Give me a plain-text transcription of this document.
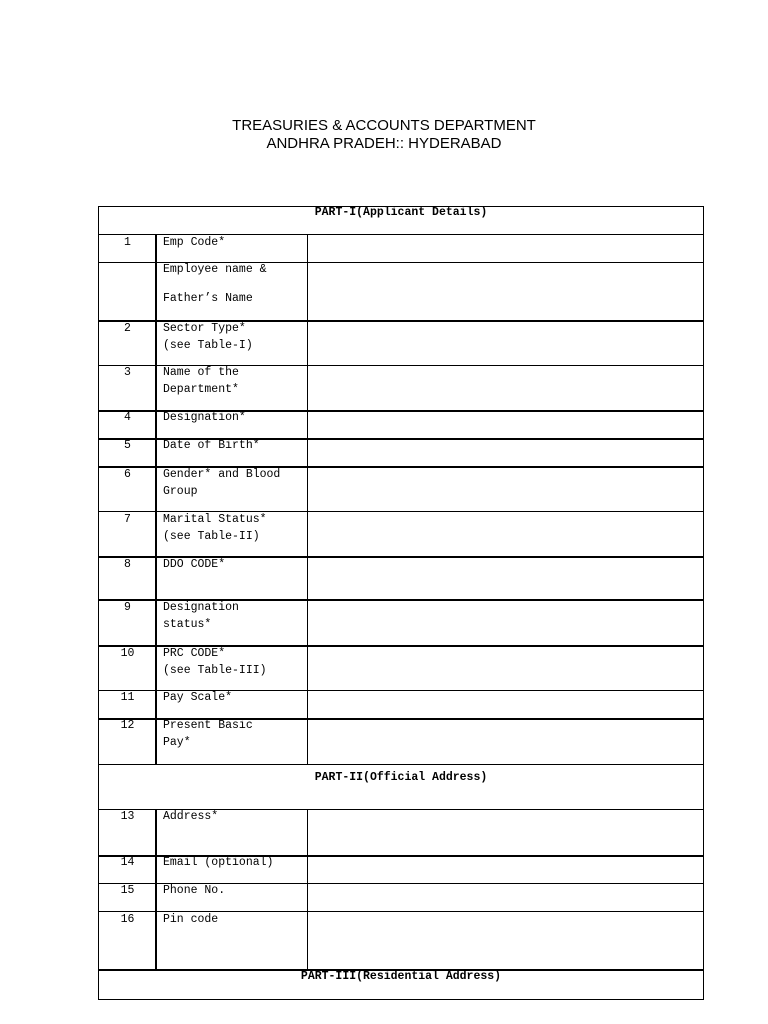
TREASURIES & ACCOUNTS DEPARTMENT
ANDHRA PRADEH:: HYDERABAD
PART-I(Applicant Details)
PART-II(Official Address)
PART-III(Residential Address)
1	Emp Code*
Employee name &

Father’s Name
2	Sector Type*
(see Table-I)
3	Name of the
Department*
4	Designation*
5	Date of Birth*
6	Gender* and Blood
Group
7	Marital Status*
(see Table-II)
8	DDO CODE*
9	Designation
status*
10	PRC CODE*
(see Table-III)
11	Pay Scale*
12	Present Basic
Pay*
13	Address*
14	Email (optional)
15	Phone No.
16	Pin code
